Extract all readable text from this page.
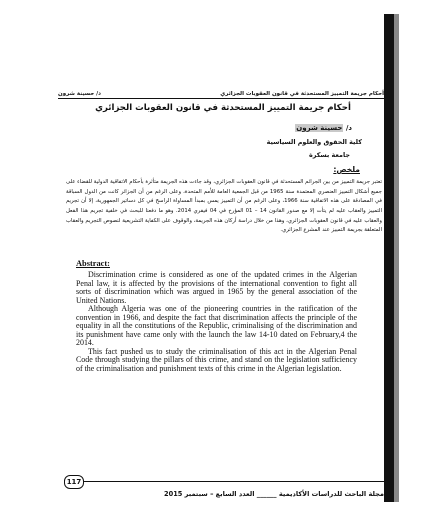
أحكام جريمة التمييز المستحدثة في قانون العقوبات الجزائري
د/ حسينة شرون
أحكام جريمة التمييز المستحدثة في قانون العقوبات الجزائري
د/ حسينة شرون
كلية الحقوق والعلوم السياسية
جامعة بسكرة
ملخص:

تعتبر جريمة التمييز من بين الجرائم المستحدثة في قانون العقوبات الجزائري، وقد جاءت هذه الجريمة متأثرة بأحكام الاتفاقية الدولية للقضاء على جميع أشكال التمييز العنصري المعتمدة سنة 1965 من قبل الجمعية العامة للأمم المتحدة، وعلى الرغم من أن الجزائر كانت من الدول السباقة في المصادقة على هذه الاتفاقية سنة 1966، وعلى الرغم من أن التمييز يمس بمبدأ المساواة الراسخ في كل دساتير الجمهورية، إلا أن تجريم التمييز والعقاب عليه لم يتأت إلا مع صدور القانون 14 – 01 المؤرخ في 04 فيفري 2014. وهو ما دفعنا للبحث في خلفية تجريم هذا الفعل والعقاب عليه في قانون العقوبات الجزائري، وهذا من خلال دراسة أركان هذه الجريمة، والوقوف على الكفاية التشريعية لنصوص التجريم والعقاب المتعلقة بجريمة التمييز عند المشرع الجزائري.

Abstract:

Discrimination crime is considered as one of the updated crimes in the Algerian Penal law, it is affected by the provisions of the international convention to fight all sorts of discrimination which was argued in 1965 by the general association of the United Nations.

Although Algeria was one of the pioneering countries in the ratification of the convention in 1966, and despite the fact that discrimination affects the principle of the equality in all the constitutions of the Republic, criminalising of the discrimination and its punishment have came only with the launch the law 14-10 dated on February,4 the 2014.

This fact pushed us to study the criminalisation of this act in the Algerian Penal Code through studying the pillars of this crime, and stand on the legislation sufficiency of the criminalisation and punishment texts of this crime in the Algerian legislation.

117
مجلة الباحث للدراسات الأكاديمية ______ العدد السابع – سبتمبر 2015
